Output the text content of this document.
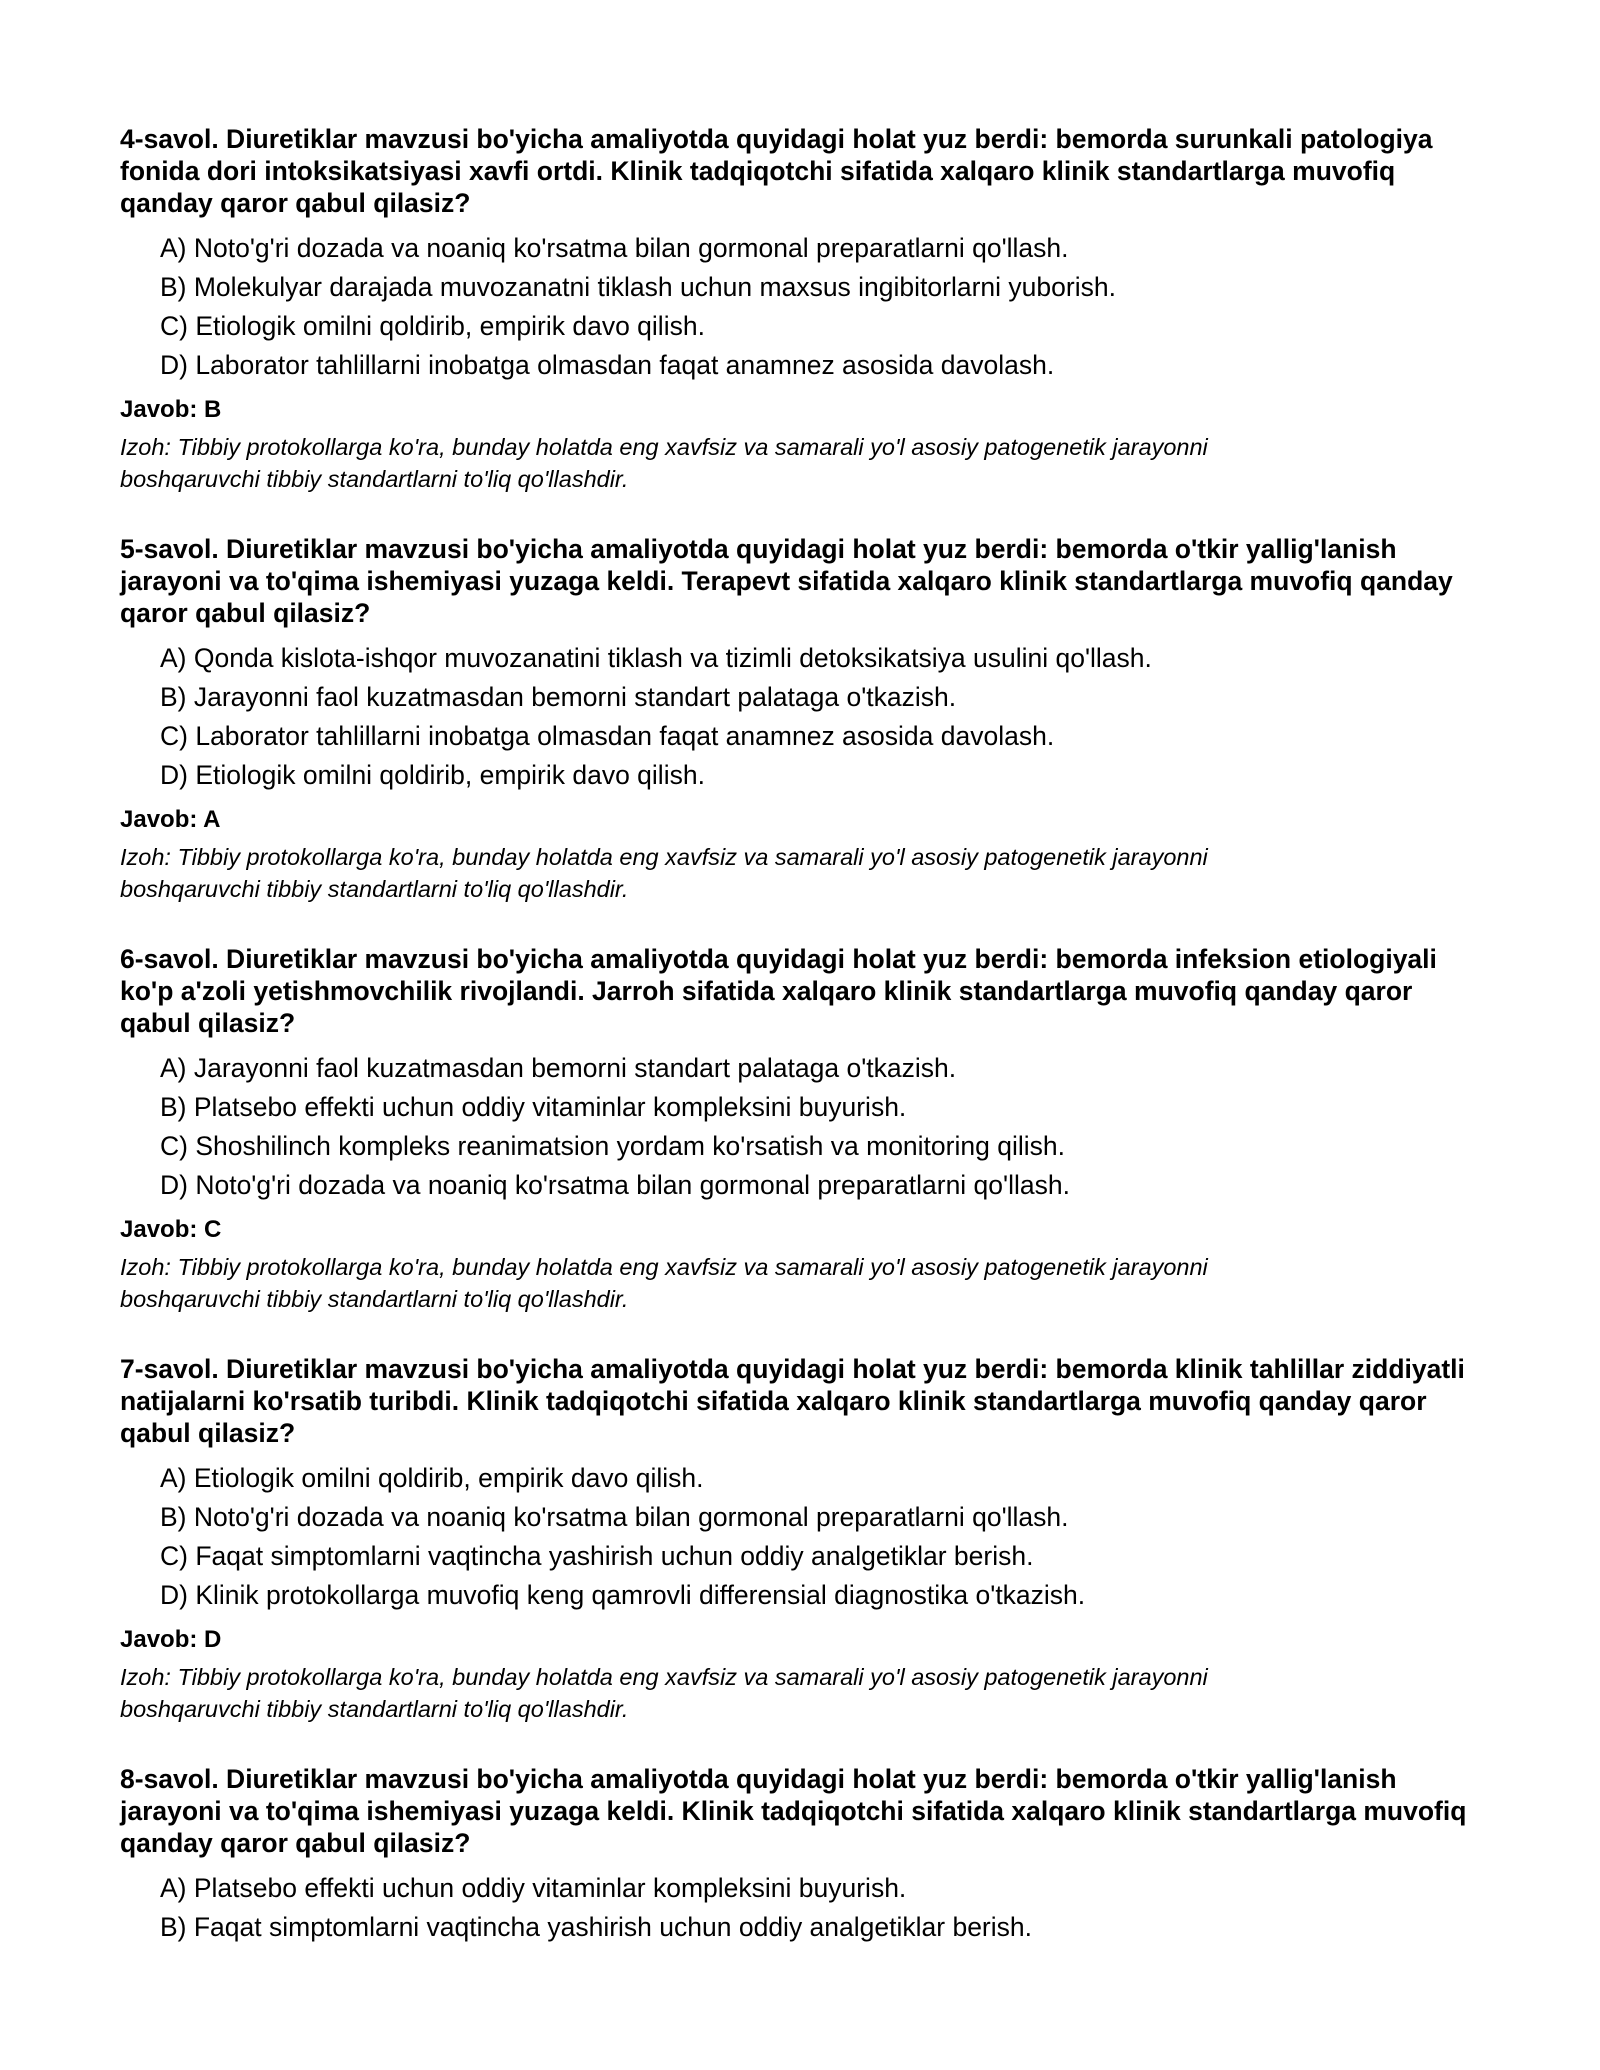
4-savol. Diuretiklar mavzusi bo'yicha amaliyotda quyidagi holat yuz berdi: bemorda surunkali patologiya fonida dori intoksikatsiyasi xavfi ortdi. Klinik tadqiqotchi sifatida xalqaro klinik standartlarga muvofiq qanday qaror qabul qilasiz?

A) Noto'g'ri dozada va noaniq ko'rsatma bilan gormonal preparatlarni qo'llash.
B) Molekulyar darajada muvozanatni tiklash uchun maxsus ingibitorlarni yuborish.
C) Etiologik omilni qoldirib, empirik davo qilish.
D) Laborator tahlillarni inobatga olmasdan faqat anamnez asosida davolash.
Javob: B
Izoh: Tibbiy protokollarga ko'ra, bunday holatda eng xavfsiz va samarali yo'l asosiy patogenetik jarayonni boshqaruvchi tibbiy standartlarni to'liq qo'llashdir.

5-savol. Diuretiklar mavzusi bo'yicha amaliyotda quyidagi holat yuz berdi: bemorda o'tkir yallig'lanish jarayoni va to'qima ishemiyasi yuzaga keldi. Terapevt sifatida xalqaro klinik standartlarga muvofiq qanday qaror qabul qilasiz?

A) Qonda kislota-ishqor muvozanatini tiklash va tizimli detoksikatsiya usulini qo'llash.
B) Jarayonni faol kuzatmasdan bemorni standart palataga o'tkazish.
C) Laborator tahlillarni inobatga olmasdan faqat anamnez asosida davolash.
D) Etiologik omilni qoldirib, empirik davo qilish.
Javob: A
Izoh: Tibbiy protokollarga ko'ra, bunday holatda eng xavfsiz va samarali yo'l asosiy patogenetik jarayonni boshqaruvchi tibbiy standartlarni to'liq qo'llashdir.

6-savol. Diuretiklar mavzusi bo'yicha amaliyotda quyidagi holat yuz berdi: bemorda infeksion etiologiyali ko'p a'zoli yetishmovchilik rivojlandi. Jarroh sifatida xalqaro klinik standartlarga muvofiq qanday qaror qabul qilasiz?

A) Jarayonni faol kuzatmasdan bemorni standart palataga o'tkazish.
B) Platsebo effekti uchun oddiy vitaminlar kompleksini buyurish.
C) Shoshilinch kompleks reanimatsion yordam ko'rsatish va monitoring qilish.
D) Noto'g'ri dozada va noaniq ko'rsatma bilan gormonal preparatlarni qo'llash.
Javob: C
Izoh: Tibbiy protokollarga ko'ra, bunday holatda eng xavfsiz va samarali yo'l asosiy patogenetik jarayonni boshqaruvchi tibbiy standartlarni to'liq qo'llashdir.

7-savol. Diuretiklar mavzusi bo'yicha amaliyotda quyidagi holat yuz berdi: bemorda klinik tahlillar ziddiyatli natijalarni ko'rsatib turibdi. Klinik tadqiqotchi sifatida xalqaro klinik standartlarga muvofiq qanday qaror qabul qilasiz?

A) Etiologik omilni qoldirib, empirik davo qilish.
B) Noto'g'ri dozada va noaniq ko'rsatma bilan gormonal preparatlarni qo'llash.
C) Faqat simptomlarni vaqtincha yashirish uchun oddiy analgetiklar berish.
D) Klinik protokollarga muvofiq keng qamrovli differensial diagnostika o'tkazish.
Javob: D
Izoh: Tibbiy protokollarga ko'ra, bunday holatda eng xavfsiz va samarali yo'l asosiy patogenetik jarayonni boshqaruvchi tibbiy standartlarni to'liq qo'llashdir.

8-savol. Diuretiklar mavzusi bo'yicha amaliyotda quyidagi holat yuz berdi: bemorda o'tkir yallig'lanish jarayoni va to'qima ishemiyasi yuzaga keldi. Klinik tadqiqotchi sifatida xalqaro klinik standartlarga muvofiq qanday qaror qabul qilasiz?

A) Platsebo effekti uchun oddiy vitaminlar kompleksini buyurish.
B) Faqat simptomlarni vaqtincha yashirish uchun oddiy analgetiklar berish.
